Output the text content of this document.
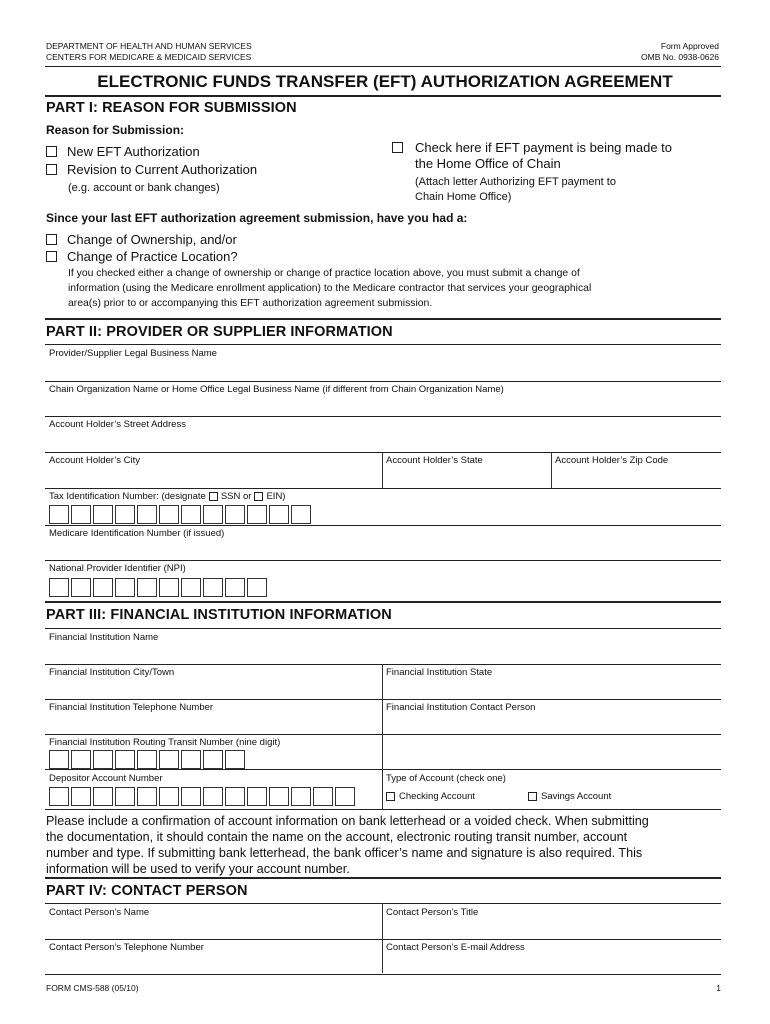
DEPARTMENT OF HEALTH AND HUMAN SERVICES
CENTERS FOR MEDICARE & MEDICAID SERVICES
Form Approved
OMB No. 0938-0626
ELECTRONIC FUNDS TRANSFER (EFT) AUTHORIZATION AGREEMENT
PART I: REASON FOR SUBMISSION
Reason for Submission:
New EFT Authorization
Revision to Current Authorization
(e.g. account or bank changes)
Check here if EFT payment is being made to
the Home Office of Chain
(Attach letter Authorizing EFT payment to
Chain Home Office)
Since your last EFT authorization agreement submission, have you had a:
Change of Ownership, and/or
Change of Practice Location?
If you checked either a change of ownership or change of practice location above, you must submit a change of
information (using the Medicare enrollment application) to the Medicare contractor that services your geographical
area(s) prior to or accompanying this EFT authorization agreement submission.
PART II: PROVIDER OR SUPPLIER INFORMATION
Provider/Supplier Legal Business Name
Chain Organization Name or Home Office Legal Business Name (if different from Chain Organization Name)
Account Holder’s Street Address
Account Holder’s City	Account Holder’s State	Account Holder’s Zip Code
Tax Identification Number: (designate SSN or EIN)
Medicare Identification Number (if issued)
National Provider Identifier (NPI)
PART III: FINANCIAL INSTITUTION INFORMATION
Financial Institution Name
Financial Institution City/Town	Financial Institution State
Financial Institution Telephone Number	Financial Institution Contact Person
Financial Institution Routing Transit Number (nine digit)
Depositor Account Number	Type of Account (check one)
Checking Account	Savings Account
Please include a confirmation of account information on bank letterhead or a voided check. When submitting
the documentation, it should contain the name on the account, electronic routing transit number, account
number and type. If submitting bank letterhead, the bank officer’s name and signature is also required. This
information will be used to verify your account number.
PART IV: CONTACT PERSON
Contact Person’s Name	Contact Person’s Title
Contact Person’s Telephone Number	Contact Person’s E-mail Address
FORM CMS-588 (05/10)	1
